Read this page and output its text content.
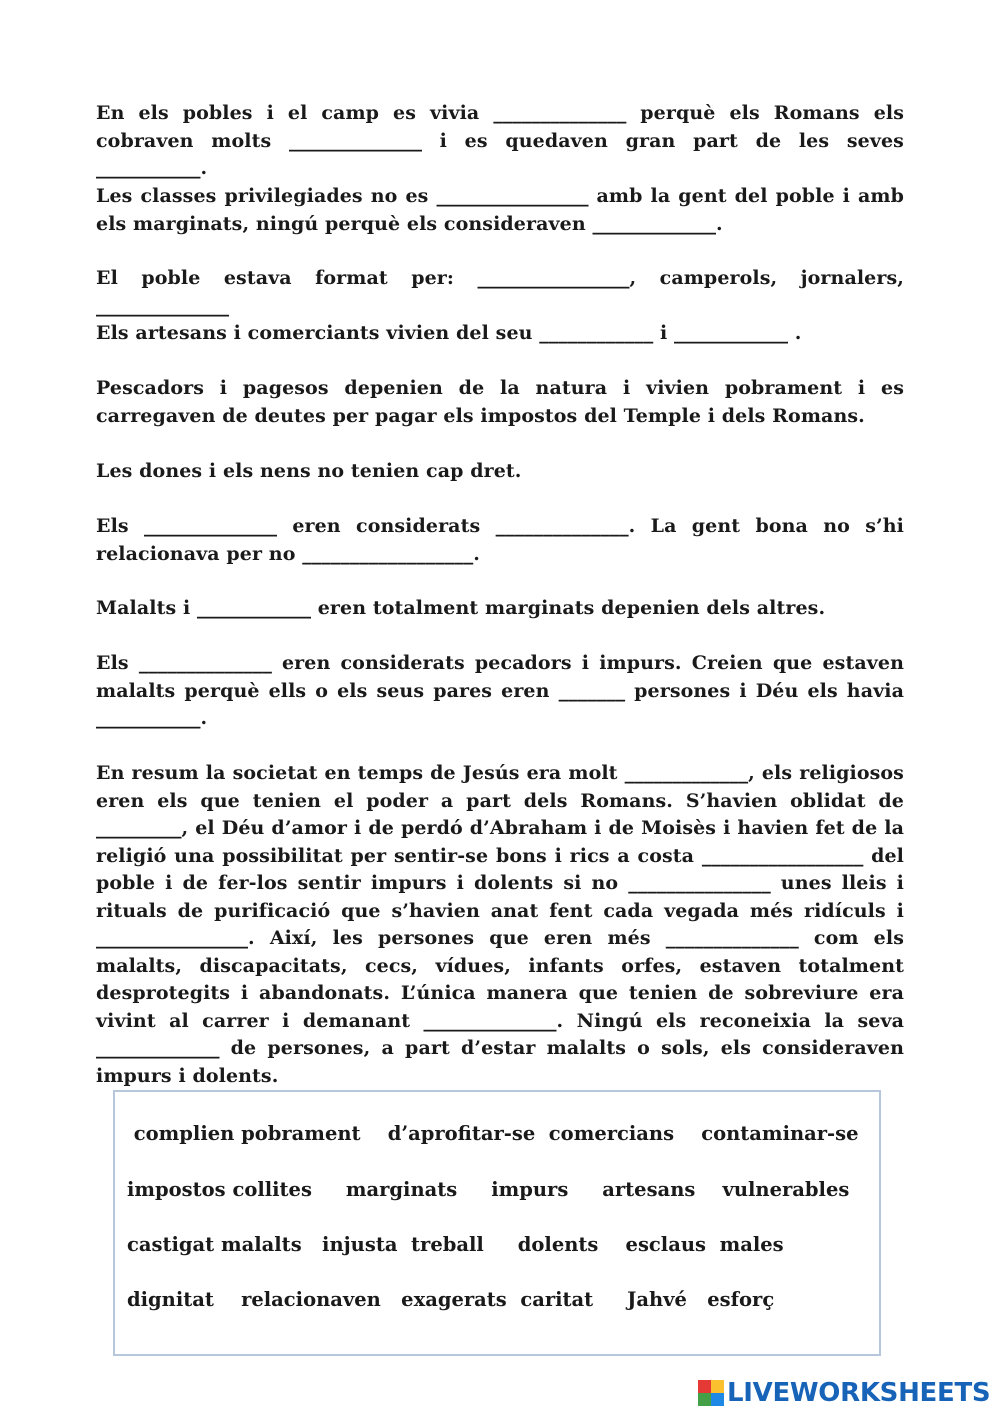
En els pobles i el camp es vivia ______________ perquè els Romans els cobraven molts ______________ i es quedaven gran part de les seves ___________.
Les classes privilegiades no es ________________ amb la gent del poble i amb els marginats, ningú perquè els consideraven _____________.
El poble estava format per: ________________, camperols, jornalers, ______________
Els artesans i comerciants vivien del seu ____________ i ____________ .
Pescadors i pagesos depenien de la natura i vivien pobrament i es carregaven de deutes per pagar els impostos del Temple i dels Romans.
Les dones i els nens no tenien cap dret.
Els ______________ eren considerats ______________. La gent bona no s’hi relacionava per no __________________.
Malalts i ____________ eren totalment marginats depenien dels altres.
Els ______________ eren considerats pecadors i impurs. Creien que estaven malalts perquè ells o els seus pares eren _______ persones i Déu els havia ___________.
En resum la societat en temps de Jesús era molt _____________, els religiosos eren els que tenien el poder a part dels Romans. S’havien oblidat de _________, el Déu d’amor i de perdó d’Abraham i de Moisès i havien fet de la religió una possibilitat per sentir-se bons i rics a costa _________________ del poble i de fer-los sentir impurs i dolents si no _______________ unes lleis i rituals de purificació que s’havien anat fent cada vegada més ridículs i ________________. Així, les persones que eren més ______________ com els malalts, discapacitats, cecs, vídues, infants orfes, estaven totalment desprotegits i abandonats. L’única manera que tenien de sobreviure era vivint al carrer i demanant ______________. Ningú els reconeixia la seva _____________ de persones, a part d’estar malalts o sols, els consideraven impurs i dolents.
complien pobrament    d’aprofitar-se  comercians    contaminar-se
impostos collites     marginats     impurs     artesans    vulnerables
castigat malalts   injusta  treball     dolents    esclaus  males
dignitat    relacionaven   exagerats  caritat     Jahvé   esforç
LIVEWORKSHEETS
